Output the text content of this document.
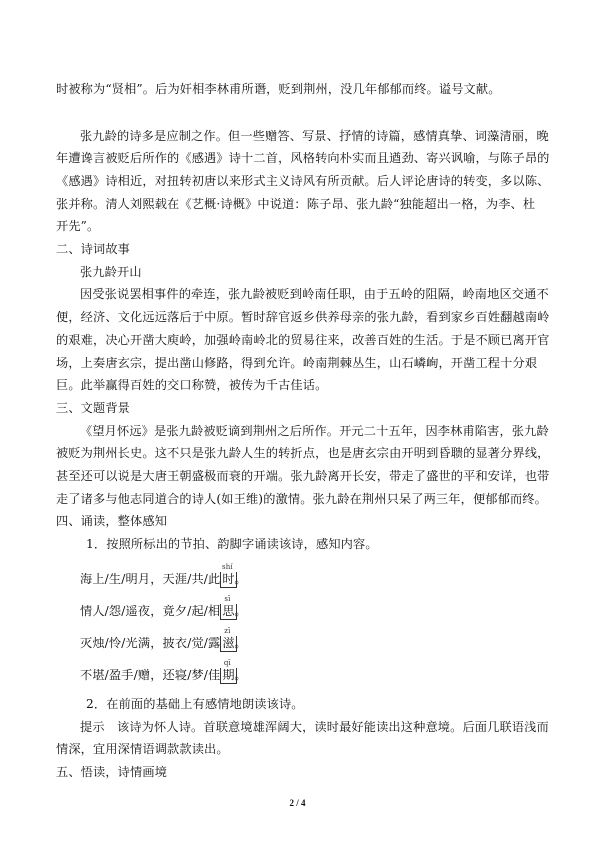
时被称为“贤相”。后为奸相李林甫所谮，贬到荆州，没几年郁郁而终。谥号文献。
张九龄的诗多是应制之作。但一些赠答、写景、抒情的诗篇，感情真挚、词藻清丽，晚
年遭谗言被贬后所作的《感遇》诗十二首，风格转向朴实而且遒劲、寄兴讽喻，与陈子昂的
《感遇》诗相近，对扭转初唐以来形式主义诗风有所贡献。后人评论唐诗的转变，多以陈、
张并称。清人刘熙载在《艺概·诗概》中说道：陈子昂、张九龄“独能超出一格，为李、杜
开先”。
二、诗词故事
张九龄开山
因受张说罢相事件的牵连，张九龄被贬到岭南任职，由于五岭的阻隔，岭南地区交通不
便，经济、文化远远落后于中原。暂时辞官返乡供养母亲的张九龄，看到家乡百姓翻越南岭
的艰难，决心开凿大庾岭，加强岭南岭北的贸易往来，改善百姓的生活。于是不顾已离开官
场，上奏唐玄宗，提出凿山修路，得到允许。岭南荆棘丛生，山石嶙峋，开凿工程十分艰
巨。此举赢得百姓的交口称赞，被传为千古佳话。
三、文题背景
《望月怀远》是张九龄被贬谪到荆州之后所作。开元二十五年，因李林甫陷害，张九龄
被贬为荆州长史。这不只是张九龄人生的转折点，也是唐玄宗由开明到昏聩的显著分界线，
甚至还可以说是大唐王朝盛极而衰的开端。张九龄离开长安，带走了盛世的平和安详，也带
走了诸多与他志同道合的诗人(如王维)的激情。张九龄在荆州只呆了两三年，便郁郁而终。
四、诵读，整体感知
1．按照所标出的节拍、韵脚字诵读该诗，感知内容。
海上/生/明月，天涯/共/此
shí
时。
情人/怨/遥夜，竟夕/起/相
sī
思。
灭烛/怜/光满，披衣/觉/露
zī
滋。
不堪/盈手/赠，还寝/梦/佳
qī
期。
2．在前面的基础上有感情地朗读该诗。
提示　该诗为怀人诗。首联意境雄浑阔大，读时最好能读出这种意境。后面几联语浅而
情深，宜用深情语调款款读出。
五、悟读，诗情画境
2 / 4
